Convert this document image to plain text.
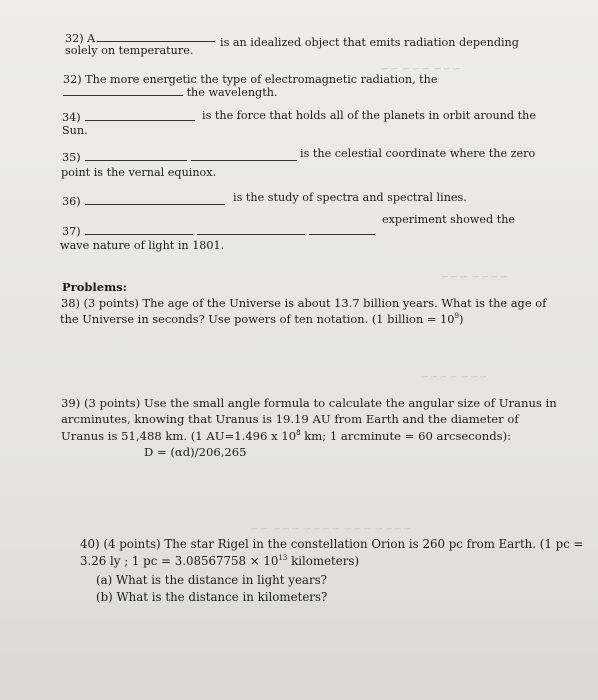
~~~ ~~~ ~~
~~~~ ~~~
~~~ ~~~~
~~~~ ~~~ ~~~~ ~~~ ~~
32) A	is an idealized object that emits radiation depending
solely on temperature.
32) The more energetic the type of electromagnetic radiation, the
the wavelength.
34)	is the force that holds all of the planets in orbit around the
Sun.
35)	is the celestial coordinate where the zero
point is the vernal equinox.
36)	is the study of spectra and spectral lines.
37)
experiment showed the
wave nature of light in 1801.
Problems:
38) (3 points) The age of the Universe is about 13.7 billion years. What is the age of
the Universe in seconds? Use powers of ten notation. (1 billion = $10^9$)
39) (3 points) Use the small angle formula to calculate the angular size of Uranus in
arcminutes, knowing that Uranus is 19.19 AU from Earth and the diameter of
Uranus is 51,488 km. (1 AU=1.496 x $10^8$ km; 1 arcminute = 60 arcseconds):
D = (αd)/206,265
40) (4 points) The star Rigel in the constellation Orion is 260 pc from Earth. (1 pc =
3.26 ly ; 1 pc = $3.08567758 \times 10^{13}$ kilometers)
(a) What is the distance in light years?
(b) What is the distance in kilometers?
